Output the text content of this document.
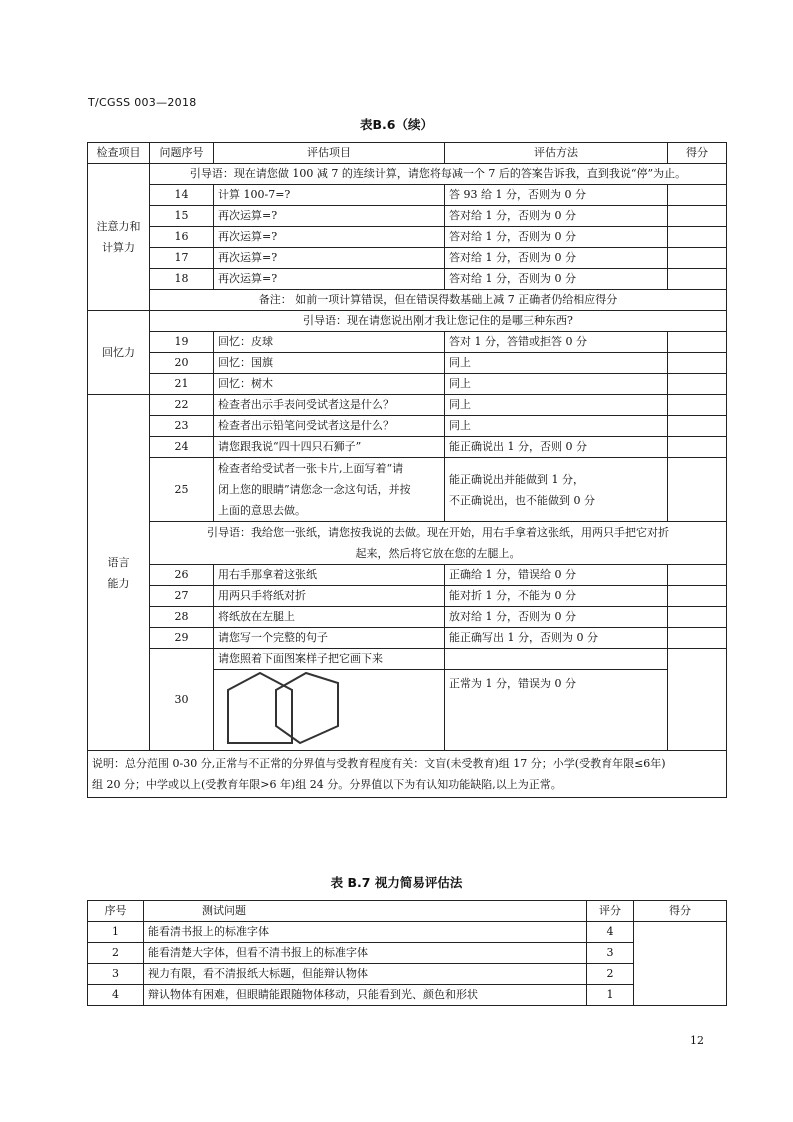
T/CGSS 003—2018
表B.6（续）
检查项目	问题序号	评估项目	评估方法	得分
注意力和计算力	引导语：现在请您做 100 减 7 的连续计算，请您将每减一个 7 后的答案告诉我，直到我说“停”为止。			
	14	计算 100-7=?	答 93 给 1 分，否则为 0 分	
	15	再次运算=?	答对给 1 分，否则为 0 分	
	16	再次运算=?	答对给 1 分，否则为 0 分	
	17	再次运算=?	答对给 1 分，否则为 0 分	
	18	再次运算=?	答对给 1 分，否则为 0 分	
	备注： 如前一项计算错误，但在错误得数基础上减 7 正确者仍给相应得分			
回忆力	引导语：现在请您说出刚才我让您记住的是哪三种东西?			
	19	回忆：皮球	答对 1 分，答错或拒答 0 分	
	20	回忆：国旗	同上	
	21	回忆：树木	同上	
语言
能力	22	检查者出示手表问受试者这是什么？	同上	
	23	检查者出示铅笔问受试者这是什么？	同上	
	24	请您跟我说“四十四只石狮子”	能正确说出 1 分，否则 0 分	
	25	检查者给受试者一张卡片,上面写着“请
闭上您的眼睛”请您念一念这句话，并按
上面的意思去做。	能正确说出并能做到 1 分，
不正确说出，也不能做到 0 分	
	引导语：我给您一张纸，请您按我说的去做。现在开始，用右手拿着这张纸，用两只手把它对折
起来，然后将它放在您的左腿上。			
	26	用右手那拿着这张纸	正确给 1 分，错误给 0 分	
	27	用两只手将纸对折	能对折 1 分，不能为 0 分	
	28	将纸放在左腿上	放对给 1 分，否则为 0 分	
	29	请您写一个完整的句子	能正确写出 1 分，否则为 0 分	
	30	请您照着下面图案样子把它画下来		

	正常为 1 分，错误为 0 分	
说明：总分范围 0-30 分,正常与不正常的分界值与受教育程度有关：文盲(未受教育)组 17 分；小学(受教育年限≤6年)
组 20 分；中学或以上(受教育年限>6 年)组 24 分。分界值以下为有认知功能缺陷,以上为正常。				
表 B.7 视力简易评估法
序号	测试问题	评分	得分
1	能看清书报上的标准字体	4	
2	能看清楚大字体，但看不清书报上的标准字体	3	
3	视力有限，看不清报纸大标题，但能辩认物体	2	
4	辩认物体有困难，但眼睛能跟随物体移动，只能看到光、颜色和形状	1	
12
